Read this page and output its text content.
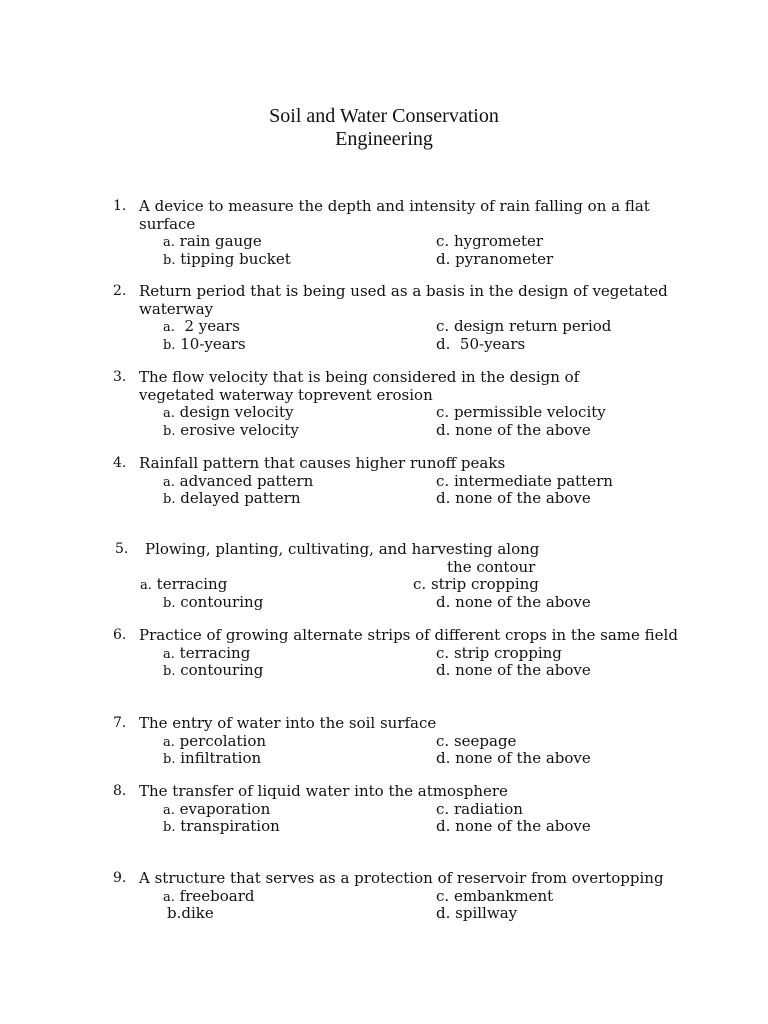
Soil and Water Conservation
Engineering
1. A device to measure the depth and intensity of rain falling on a flat
surface
a. rain gauge	c. hygrometer
b. tipping bucket	d. pyranometer
2. Return period that is being used as a basis in the design of vegetated
waterway
a. 2 years	c. design return period
b. 10-years	d. 50-years
3. The flow velocity that is being considered in the design of
vegetated waterway toprevent erosion
a. design velocity	c. permissible velocity
b. erosive velocity	d. none of the above
4. Rainfall pattern that causes higher runoff peaks
a. advanced pattern	c. intermediate pattern
b. delayed pattern	d. none of the above
5. Plowing, planting, cultivating, and harvesting along
the contour
a. terracing	c. strip cropping
b. contouring	d. none of the above
6. Practice of growing alternate strips of different crops in the same field
a. terracing	c. strip cropping
b. contouring	d. none of the above
7. The entry of water into the soil surface
a. percolation	c. seepage
b. infiltration	d. none of the above
8. The transfer of liquid water into the atmosphere
a. evaporation	c. radiation
b. transpiration	d. none of the above
9. A structure that serves as a protection of reservoir from overtopping
a. freeboard	c. embankment
b.dike	d. spillway
